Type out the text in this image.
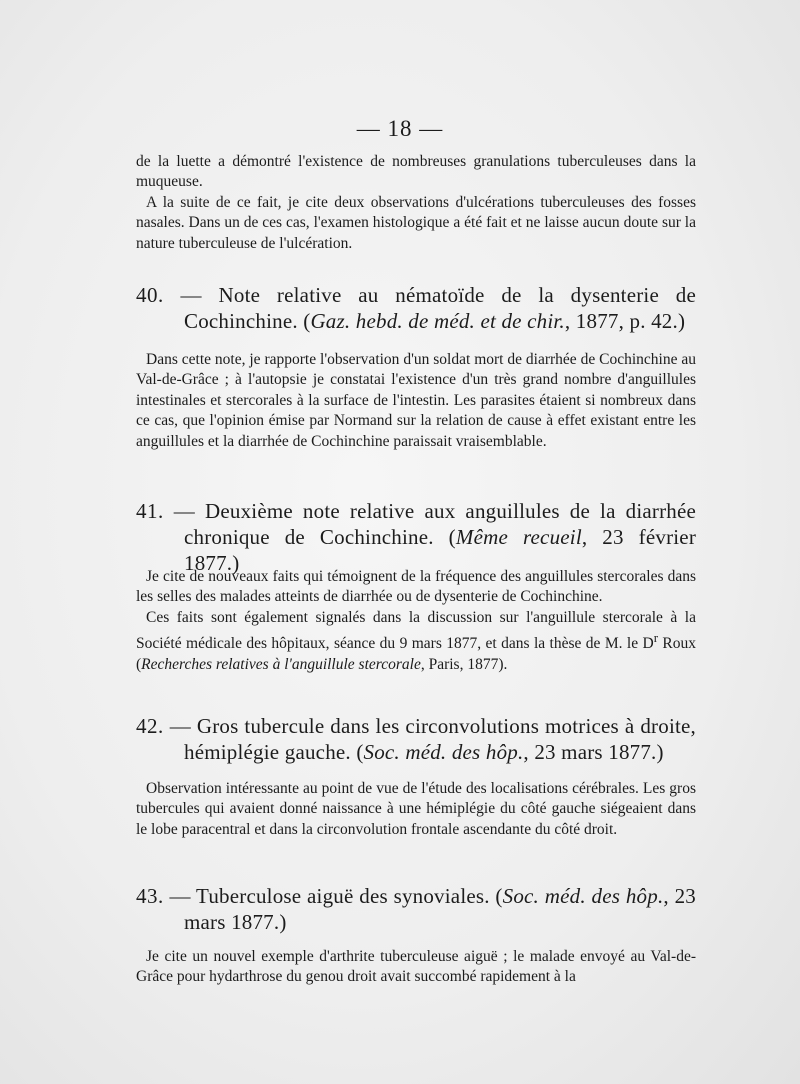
— 18 —

de la luette a démontré l'existence de nombreuses granulations tuberculeuses dans la muqueuse.

A la suite de ce fait, je cite deux observations d'ulcérations tuberculeuses des fosses nasales. Dans un de ces cas, l'examen histologique a été fait et ne laisse aucun doute sur la nature tuberculeuse de l'ulcération.

40. — Note relative au nématoïde de la dysenterie de Cochinchine. (Gaz. hebd. de méd. et de chir., 1877, p. 42.)

Dans cette note, je rapporte l'observation d'un soldat mort de diarrhée de Cochinchine au Val-de-Grâce ; à l'autopsie je constatai l'existence d'un très grand nombre d'anguillules intestinales et stercorales à la surface de l'intestin. Les parasites étaient si nombreux dans ce cas, que l'opinion émise par Normand sur la relation de cause à effet existant entre les anguillules et la diarrhée de Cochinchine paraissait vraisemblable.

41. — Deuxième note relative aux anguillules de la diarrhée chronique de Cochinchine. (Même recueil, 23 février 1877.)

Je cite de nouveaux faits qui témoignent de la fréquence des anguillules stercorales dans les selles des malades atteints de diarrhée ou de dysenterie de Cochinchine.

Ces faits sont également signalés dans la discussion sur l'anguillule stercorale à la Société médicale des hôpitaux, séance du 9 mars 1877, et dans la thèse de M. le $D^r$ Roux (Recherches relatives à l'anguillule stercorale, Paris, 1877).

42. — Gros tubercule dans les circonvolutions motrices à droite, hémiplégie gauche. (Soc. méd. des hôp., 23 mars 1877.)

Observation intéressante au point de vue de l'étude des localisations cérébrales. Les gros tubercules qui avaient donné naissance à une hémiplégie du côté gauche siégeaient dans le lobe paracentral et dans la circonvolution frontale ascendante du côté droit.

43. — Tuberculose aiguë des synoviales. (Soc. méd. des hôp., 23 mars 1877.)

Je cite un nouvel exemple d'arthrite tuberculeuse aiguë ; le malade envoyé au Val-de-Grâce pour hydarthrose du genou droit avait succombé rapidement à la
